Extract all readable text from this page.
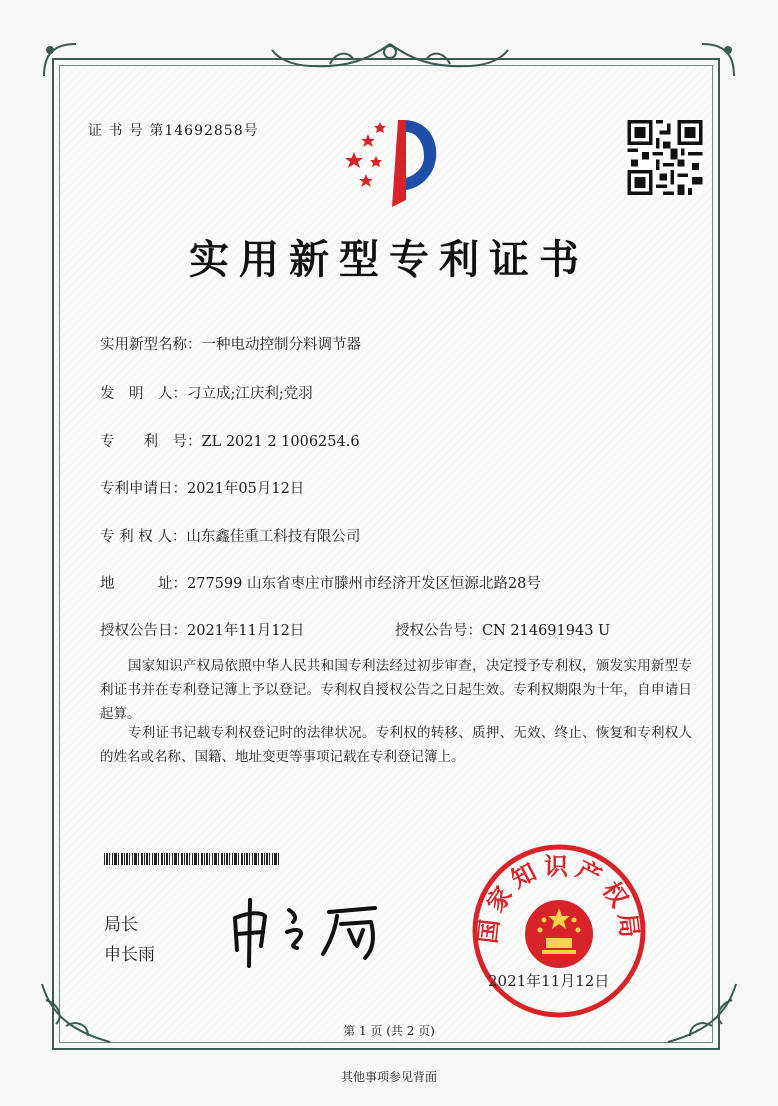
证 书 号 第14692858号
实用新型专利证书
实用新型名称：一种电动控制分料调节器
发　明　人：刁立成;江庆利;党羽
专　　利　号：ZL 2021 2 1006254.6
专利申请日：2021年05月12日
专 利 权 人：山东鑫佳重工科技有限公司
地　　　址：277599 山东省枣庄市滕州市经济开发区恒源北路28号
授权公告日：2021年11月12日	授权公告号：CN 214691943 U
国家知识产权局依照中华人民共和国专利法经过初步审查，决定授予专利权，颁发实用新型专利证书并在专利登记簿上予以登记。专利权自授权公告之日起生效。专利权期限为十年，自申请日起算。
专利证书记载专利权登记时的法律状况。专利权的转移、质押、无效、终止、恢复和专利权人的姓名或名称、国籍、地址变更等事项记载在专利登记簿上。
局长
申长雨
国家知识产权局
2021年11月12日
第 1 页 (共 2 页)
其他事项参见背面
